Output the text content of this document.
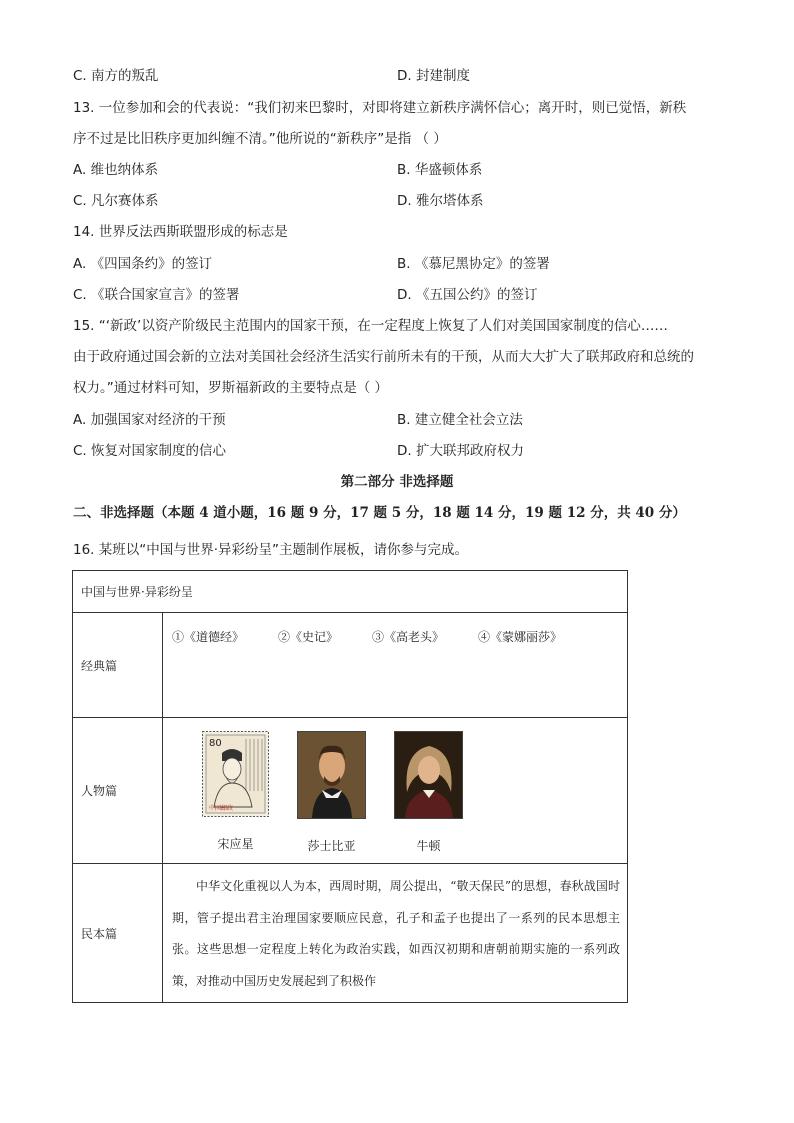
C. 南方的叛乱	D. 封建制度
13. 一位参加和会的代表说：“我们初来巴黎时，对即将建立新秩序满怀信心；离开时，则已觉悟，新秩
序不过是比旧秩序更加纠缠不清。”他所说的“新秩序”是指 （ ）
A. 维也纳体系	B. 华盛顿体系
C. 凡尔赛体系	D. 雅尔塔体系
14. 世界反法西斯联盟形成的标志是
A. 《四国条约》的签订	B. 《慕尼黑协定》的签署
C. 《联合国家宣言》的签署	D. 《五国公约》的签订
15. “‘新政’以资产阶级民主范围内的国家干预，在一定程度上恢复了人们对美国国家制度的信心……
由于政府通过国会新的立法对美国社会经济生活实行前所未有的干预，从而大大扩大了联邦政府和总统的
权力。”通过材料可知，罗斯福新政的主要特点是（ ）
A. 加强国家对经济的干预	B. 建立健全社会立法
C. 恢复对国家制度的信心	D. 扩大联邦政府权力
第二部分 非选择题
二、非选择题（本题 4 道小题，16 题 9 分，17 题 5 分，18 题 14 分，19 题 12 分，共 40 分）
16. 某班以“中国与世界·异彩纷呈”主题制作展板，请你参与完成。
中国与世界·异彩纷呈	
经典篇	①《道德经》 ②《史记》 ③《高老头》 ④《蒙娜丽莎》

人物篇	80
中国邮政
宋应星 莎士比亚 牛顿

民本篇	中华文化重视以人为本，西周时期，周公提出，“敬天保民”的思想，春秋战国时期，管子提出君主治理国家要顺应民意，孔子和孟子也提出了一系列的民本思想主张。这些思想一定程度上转化为政治实践，如西汉初期和唐朝前期实施的一系列政策，对推动中国历史发展起到了积极作
